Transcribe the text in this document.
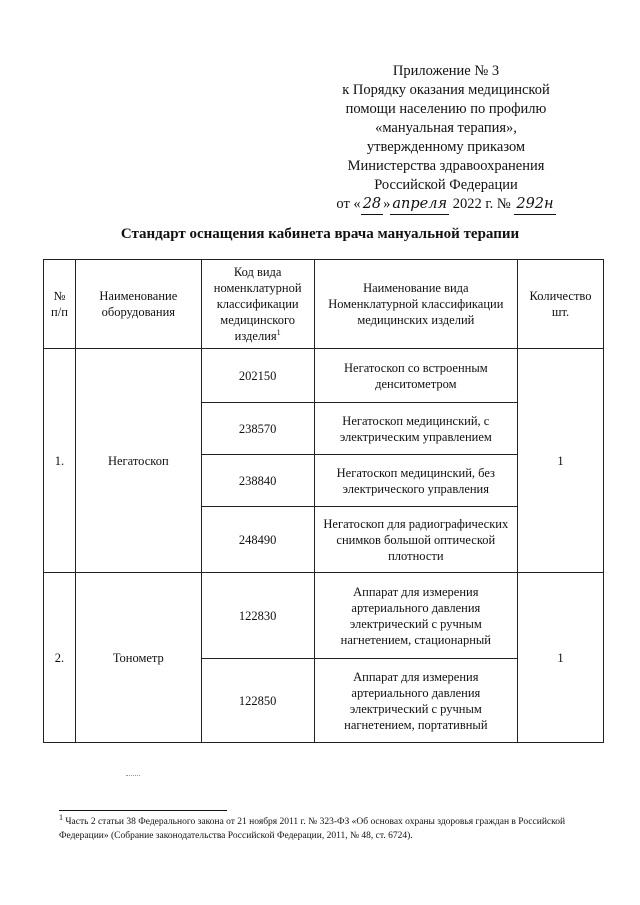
Приложение № 3
к Порядку оказания медицинской
помощи населению по профилю
«мануальная терапия»,
утвержденному приказом
Министерства здравоохранения
Российской Федерации
от « 28 » апреля 2022 г. № 292н
Стандарт оснащения кабинета врача мануальной терапии
№ п/п	Наименование оборудования	Код вида номенклатурной классификации медицинского изделия$^1$	Наименование вида Номенклатурной классификации медицинских изделий	Количество шт.
1.	Негатоскоп	202150	Негатоскоп со встроенным денситометром	1
		238570	Негатоскоп медицинский, с электрическим управлением	
		238840	Негатоскоп медицинский, без электрического управления	
		248490	Негатоскоп для радиографических снимков большой оптической плотности	
2.	Тонометр	122830	Аппарат для измерения артериального давления электрический с ручным нагнетением, стационарный	1
		122850	Аппарат для измерения артериального давления электрический с ручным нагнетением, портативный	
$^1$ Часть 2 статьи 38 Федерального закона от 21 ноября 2011 г. № 323-ФЗ «Об основах охраны здоровья граждан в Российской Федерации» (Собрание законодательства Российской Федерации, 2011, № 48, ст. 6724).
